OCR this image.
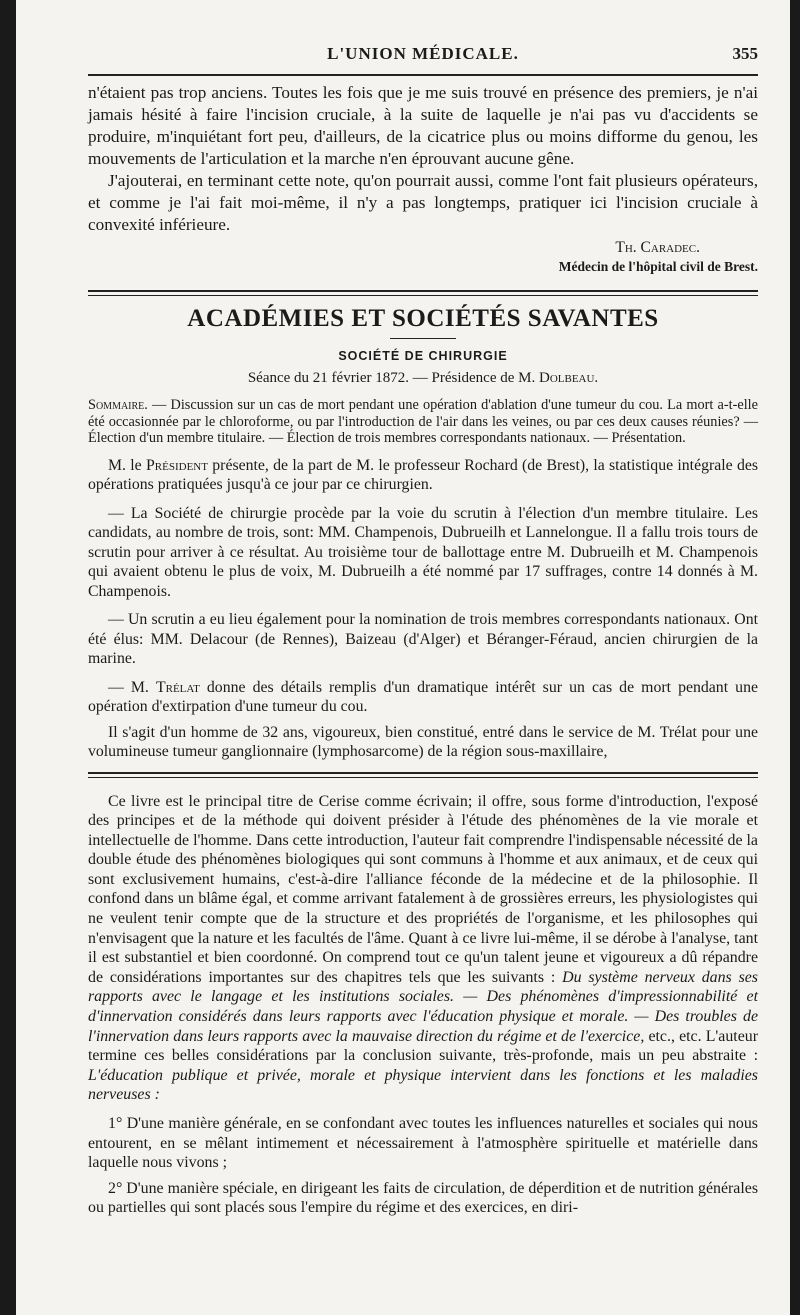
L'UNION MÉDICALE.	355

n'étaient pas trop anciens. Toutes les fois que je me suis trouvé en présence des premiers, je n'ai jamais hésité à faire l'incision cruciale, à la suite de laquelle je n'ai pas vu d'accidents se produire, m'inquiétant fort peu, d'ailleurs, de la cicatrice plus ou moins difforme du genou, les mouvements de l'articulation et la marche n'en éprouvant aucune gêne.

J'ajouterai, en terminant cette note, qu'on pourrait aussi, comme l'ont fait plusieurs opérateurs, et comme je l'ai fait moi-même, il n'y a pas longtemps, pratiquer ici l'incision cruciale à convexité inférieure.

Th. Caradec.
Médecin de l'hôpital civil de Brest.
ACADÉMIES ET SOCIÉTÉS SAVANTES
SOCIÉTÉ DE CHIRURGIE
Séance du 21 février 1872. — Présidence de M. Dolbeau.

Sommaire. — Discussion sur un cas de mort pendant une opération d'ablation d'une tumeur du cou. La mort a-t-elle été occasionnée par le chloroforme, ou par l'introduction de l'air dans les veines, ou par ces deux causes réunies? — Élection d'un membre titulaire. — Élection de trois membres correspondants nationaux. — Présentation.

M. le Président présente, de la part de M. le professeur Rochard (de Brest), la statistique intégrale des opérations pratiquées jusqu'à ce jour par ce chirurgien.

— La Société de chirurgie procède par la voie du scrutin à l'élection d'un membre titulaire. Les candidats, au nombre de trois, sont: MM. Champenois, Dubrueilh et Lannelongue. Il a fallu trois tours de scrutin pour arriver à ce résultat. Au troisième tour de ballottage entre M. Dubrueilh et M. Champenois qui avaient obtenu le plus de voix, M. Dubrueilh a été nommé par 17 suffrages, contre 14 donnés à M. Champenois.

— Un scrutin a eu lieu également pour la nomination de trois membres correspondants nationaux. Ont été élus: MM. Delacour (de Rennes), Baizeau (d'Alger) et Béranger-Féraud, ancien chirurgien de la marine.

— M. Trélat donne des détails remplis d'un dramatique intérêt sur un cas de mort pendant une opération d'extirpation d'une tumeur du cou.

Il s'agit d'un homme de 32 ans, vigoureux, bien constitué, entré dans le service de M. Trélat pour une volumineuse tumeur ganglionnaire (lymphosarcome) de la région sous-maxillaire,

Ce livre est le principal titre de Cerise comme écrivain; il offre, sous forme d'introduction, l'exposé des principes et de la méthode qui doivent présider à l'étude des phénomènes de la vie morale et intellectuelle de l'homme. Dans cette introduction, l'auteur fait comprendre l'indispensable nécessité de la double étude des phénomènes biologiques qui sont communs à l'homme et aux animaux, et de ceux qui sont exclusivement humains, c'est-à-dire l'alliance féconde de la médecine et de la philosophie. Il confond dans un blâme égal, et comme arrivant fatalement à de grossières erreurs, les physiologistes qui ne veulent tenir compte que de la structure et des propriétés de l'organisme, et les philosophes qui n'envisagent que la nature et les facultés de l'âme. Quant à ce livre lui-même, il se dérobe à l'analyse, tant il est substantiel et bien coordonné. On comprend tout ce qu'un talent jeune et vigoureux a dû répandre de considérations importantes sur des chapitres tels que les suivants : Du système nerveux dans ses rapports avec le langage et les institutions sociales. — Des phénomènes d'impressionnabilité et d'innervation considérés dans leurs rapports avec l'éducation physique et morale. — Des troubles de l'innervation dans leurs rapports avec la mauvaise direction du régime et de l'exercice, etc., etc. L'auteur termine ces belles considérations par la conclusion suivante, très-profonde, mais un peu abstraite : L'éducation publique et privée, morale et physique intervient dans les fonctions et les maladies nerveuses :

1° D'une manière générale, en se confondant avec toutes les influences naturelles et sociales qui nous entourent, en se mêlant intimement et nécessairement à l'atmosphère spirituelle et matérielle dans laquelle nous vivons ;

2° D'une manière spéciale, en dirigeant les faits de circulation, de déperdition et de nutrition générales ou partielles qui sont placés sous l'empire du régime et des exercices, en diri-
